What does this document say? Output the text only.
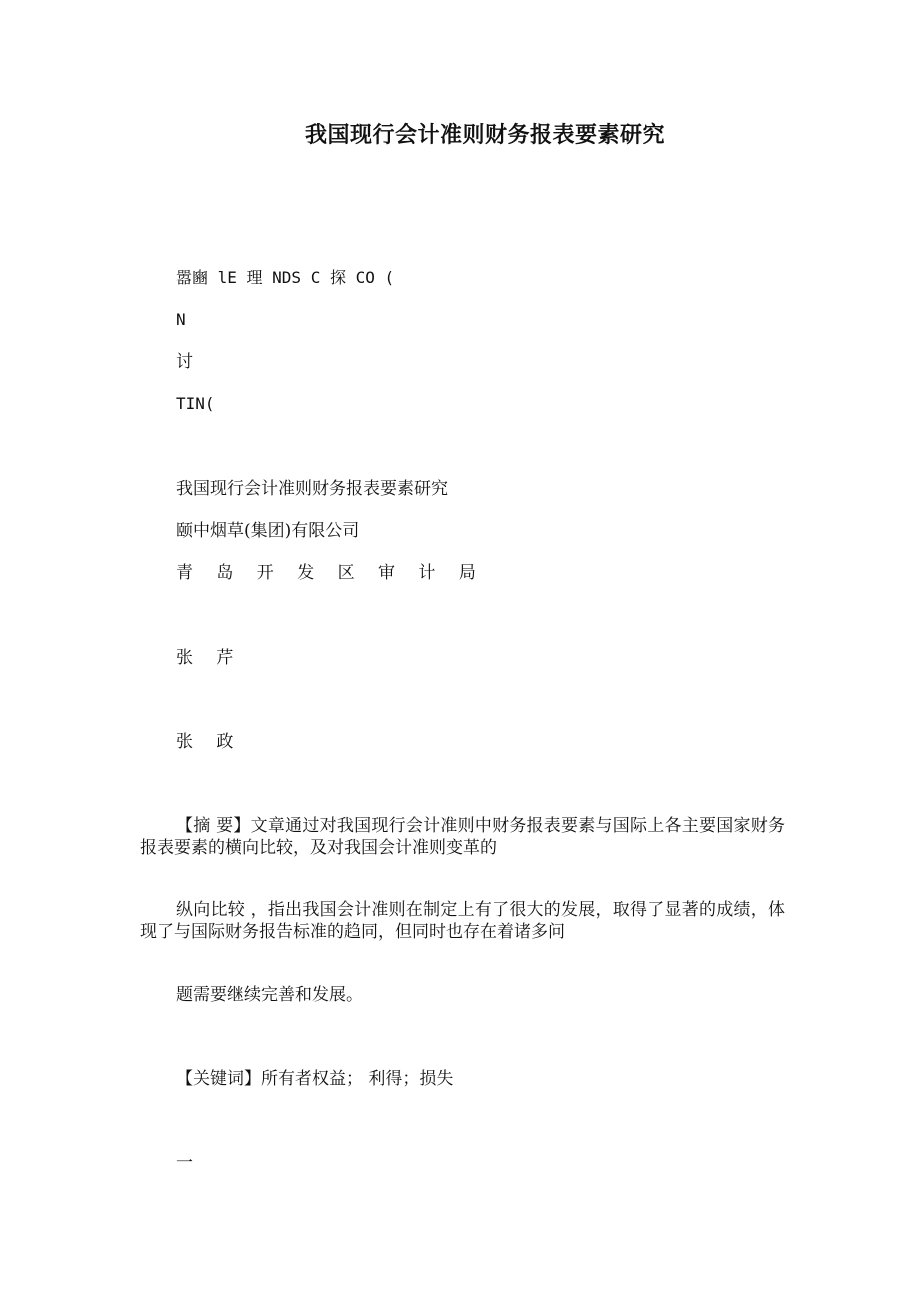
我国现行会计准则财务报表要素研究
嚣豳 lE 理 NDS C 探 CO (
N
讨
TIN(
我国现行会计准则财务报表要素研究
颐中烟草(集团)有限公司
青 岛 开 发 区 审 计 局
张 芹
张 政
【摘 要】文章通过对我国现行会计准则中财务报表要素与国际上各主要国家财务报表要素的横向比较，及对我国会计准则变革的
纵向比较 ，指出我国会计准则在制定上有了很大的发展，取得了显著的成绩，体现了与国际财务报告标准的趋同，但同时也存在着诸多问
题需要继续完善和发展。
【关键词】所有者权益； 利得；损失
一
